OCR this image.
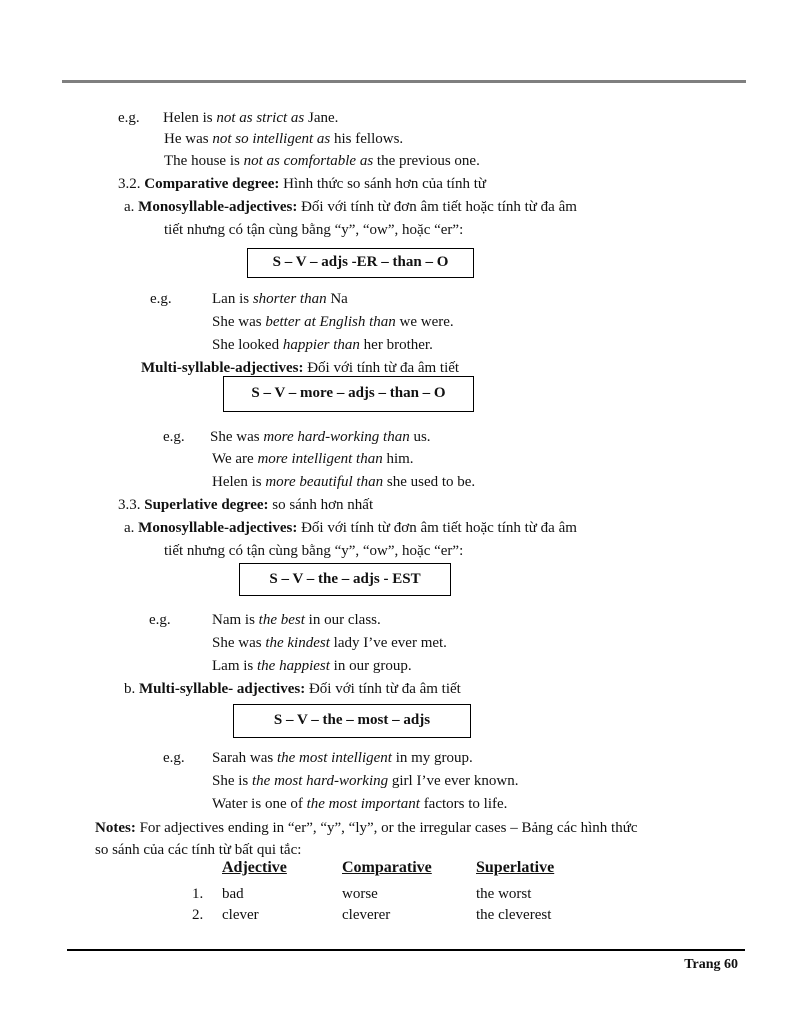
e.g. Helen is not as strict as Jane.
He was not so intelligent as his fellows.
The house is not as comfortable as the previous one.
3.2. Comparative degree: Hình thức so sánh hơn của tính từ
a. Monosyllable-adjectives: Đối với tính từ đơn âm tiết hoặc tính từ đa âm
tiết nhưng có tận cùng bằng “y”, “ow”, hoặc “er”:
S – V – adjs -ER – than – O
e.g.	Lan is shorter than Na
She was better at English than we were.
She looked happier than her brother.
Multi-syllable-adjectives: Đối với tính từ đa âm tiết
S – V – more – adjs – than – O
e.g. She was more hard-working than us.
We are more intelligent than him.
Helen is more beautiful than she used to be.
3.3. Superlative degree: so sánh hơn nhất
a. Monosyllable-adjectives: Đối với tính từ đơn âm tiết hoặc tính từ đa âm
tiết nhưng có tận cùng bằng “y”, “ow”, hoặc “er”:
S – V – the – adjs - EST
e.g.	Nam is the best in our class.
She was the kindest lady I’ve ever met.
Lam is the happiest in our group.
b. Multi-syllable- adjectives: Đối với tính từ đa âm tiết
S – V – the – most – adjs
e.g. Sarah was the most intelligent in my group.
She is the most hard-working girl I’ve ever known.
Water is one of the most important factors to life.
Notes: For adjectives ending in “er”, “y”, “ly”, or the irregular cases – Bảng các hình thức
so sánh của các tính từ bất qui tắc:
Adjective	Comparative	Superlative
1. bad	worse	the worst
2. clever	cleverer	the cleverest
Trang 60
